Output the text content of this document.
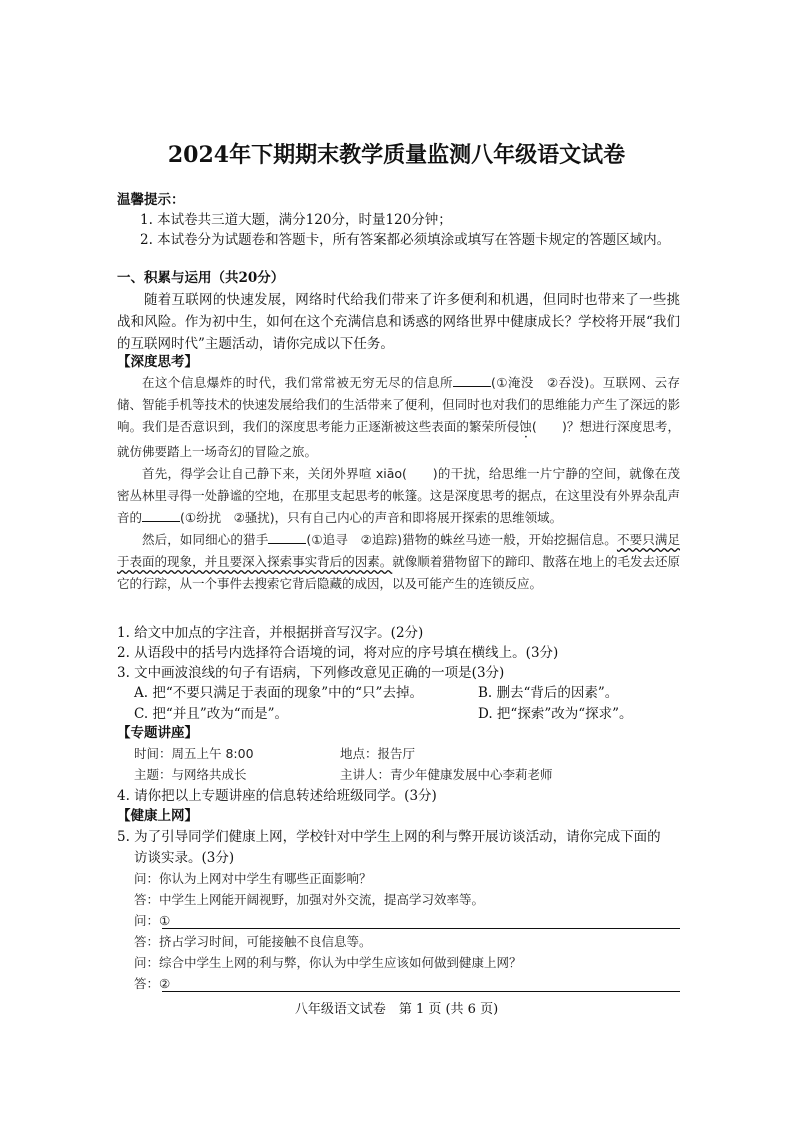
2024年下期期末教学质量监测八年级语文试卷
温馨提示：
1. 本试卷共三道大题，满分120分，时量120分钟；
2. 本试卷分为试题卷和答题卡，所有答案都必须填涂或填写在答题卡规定的答题区域内。
一、积累与运用（共20分）
随着互联网的快速发展，网络时代给我们带来了许多便利和机遇，但同时也带来了一些挑战和风险。作为初中生，如何在这个充满信息和诱惑的网络世界中健康成长？学校将开展“我们的互联网时代”主题活动，请你完成以下任务。
【深度思考】

在这个信息爆炸的时代，我们常常被无穷无尽的信息所	(①淹没　②吞没)。互联网、云存储、智能手机等技术的快速发展给我们的生活带来了便利，但同时也对我们的思维能力产生了深远的影响。我们是否意识到，我们的深度思考能力正逐渐被这些表面的繁荣所侵蚀(　　)？想进行深度思考，就仿佛要踏上一场奇幻的冒险之旅。

首先，得学会让自己静下来，关闭外界喧 xiāo(　　)的干扰，给思维一片宁静的空间，就像在茂密丛林里寻得一处静谧的空地，在那里支起思考的帐篷。这是深度思考的据点，在这里没有外界杂乱声音的	(①纷扰　②骚扰)，只有自己内心的声音和即将展开探索的思维领域。

然后，如同细心的猎手	(①追寻　②追踪)猎物的蛛丝马迹一般，开始挖掘信息。不要只满足于表面的现象，并且要深入探索事实背后的因素。就像顺着猎物留下的蹄印、散落在地上的毛发去还原它的行踪，从一个事件去搜索它背后隐藏的成因，以及可能产生的连锁反应。

1. 给文中加点的字注音，并根据拼音写汉字。(2分)
2. 从语段中的括号内选择符合语境的词，将对应的序号填在横线上。(3分)
3. 文中画波浪线的句子有语病，下列修改意见正确的一项是(3分)
A. 把“不要只满足于表面的现象”中的“只”去掉。	B. 删去“背后的因素”。
C. 把“并且”改为“而是”。	D. 把“探索”改为“探求”。
【专题讲座】
时间：周五上午 8:00	地点：报告厅
主题：与网络共成长	主讲人：青少年健康发展中心李莉老师
4. 请你把以上专题讲座的信息转述给班级同学。(3分)
【健康上网】
5. 为了引导同学们健康上网，学校针对中学生上网的利与弊开展访谈活动，请你完成下面的
访谈实录。(3分)
问：你认为上网对中学生有哪些正面影响？
答：中学生上网能开阔视野，加强对外交流，提高学习效率等。
问：①
答：挤占学习时间，可能接触不良信息等。
问：综合中学生上网的利与弊，你认为中学生应该如何做到健康上网？
答：②
八年级语文试卷　第 1 页 (共 6 页)
